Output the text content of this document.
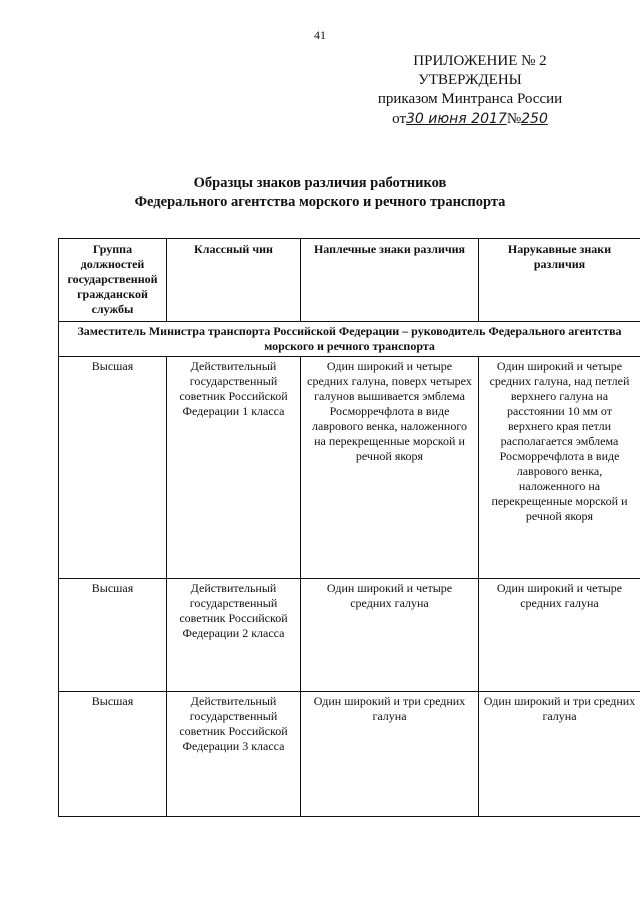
41
ПРИЛОЖЕНИЕ № 2
УТВЕРЖДЕНЫ
приказом Минтранса России
от30 июня 2017№250
Образцы знаков различия работников
Федерального агентства морского и речного транспорта
Группа должностей государственной гражданской службы	Классный чин	Наплечные знаки различия	Нарукавные знаки различия
Заместитель Министра транспорта Российской Федерации – руководитель Федерального агентства морского и речного транспорта			
Высшая	Действительный государственный советник Российской Федерации 1 класса	Один широкий и четыре средних галуна, поверх четырех галунов вышивается эмблема Росморречфлота в виде лаврового венка, наложенного на перекрещенные морской и речной якоря	Один широкий и четыре средних галуна, над петлей верхнего галуна на расстоянии 10 мм от верхнего края петли располагается эмблема Росморречфлота в виде лаврового венка, наложенного на перекрещенные морской и речной якоря
Высшая	Действительный государственный советник Российской Федерации 2 класса	Один широкий и четыре средних галуна	Один широкий и четыре средних галуна
Высшая	Действительный государственный советник Российской Федерации 3 класса	Один широкий и три средних галуна	Один широкий и три средних галуна
